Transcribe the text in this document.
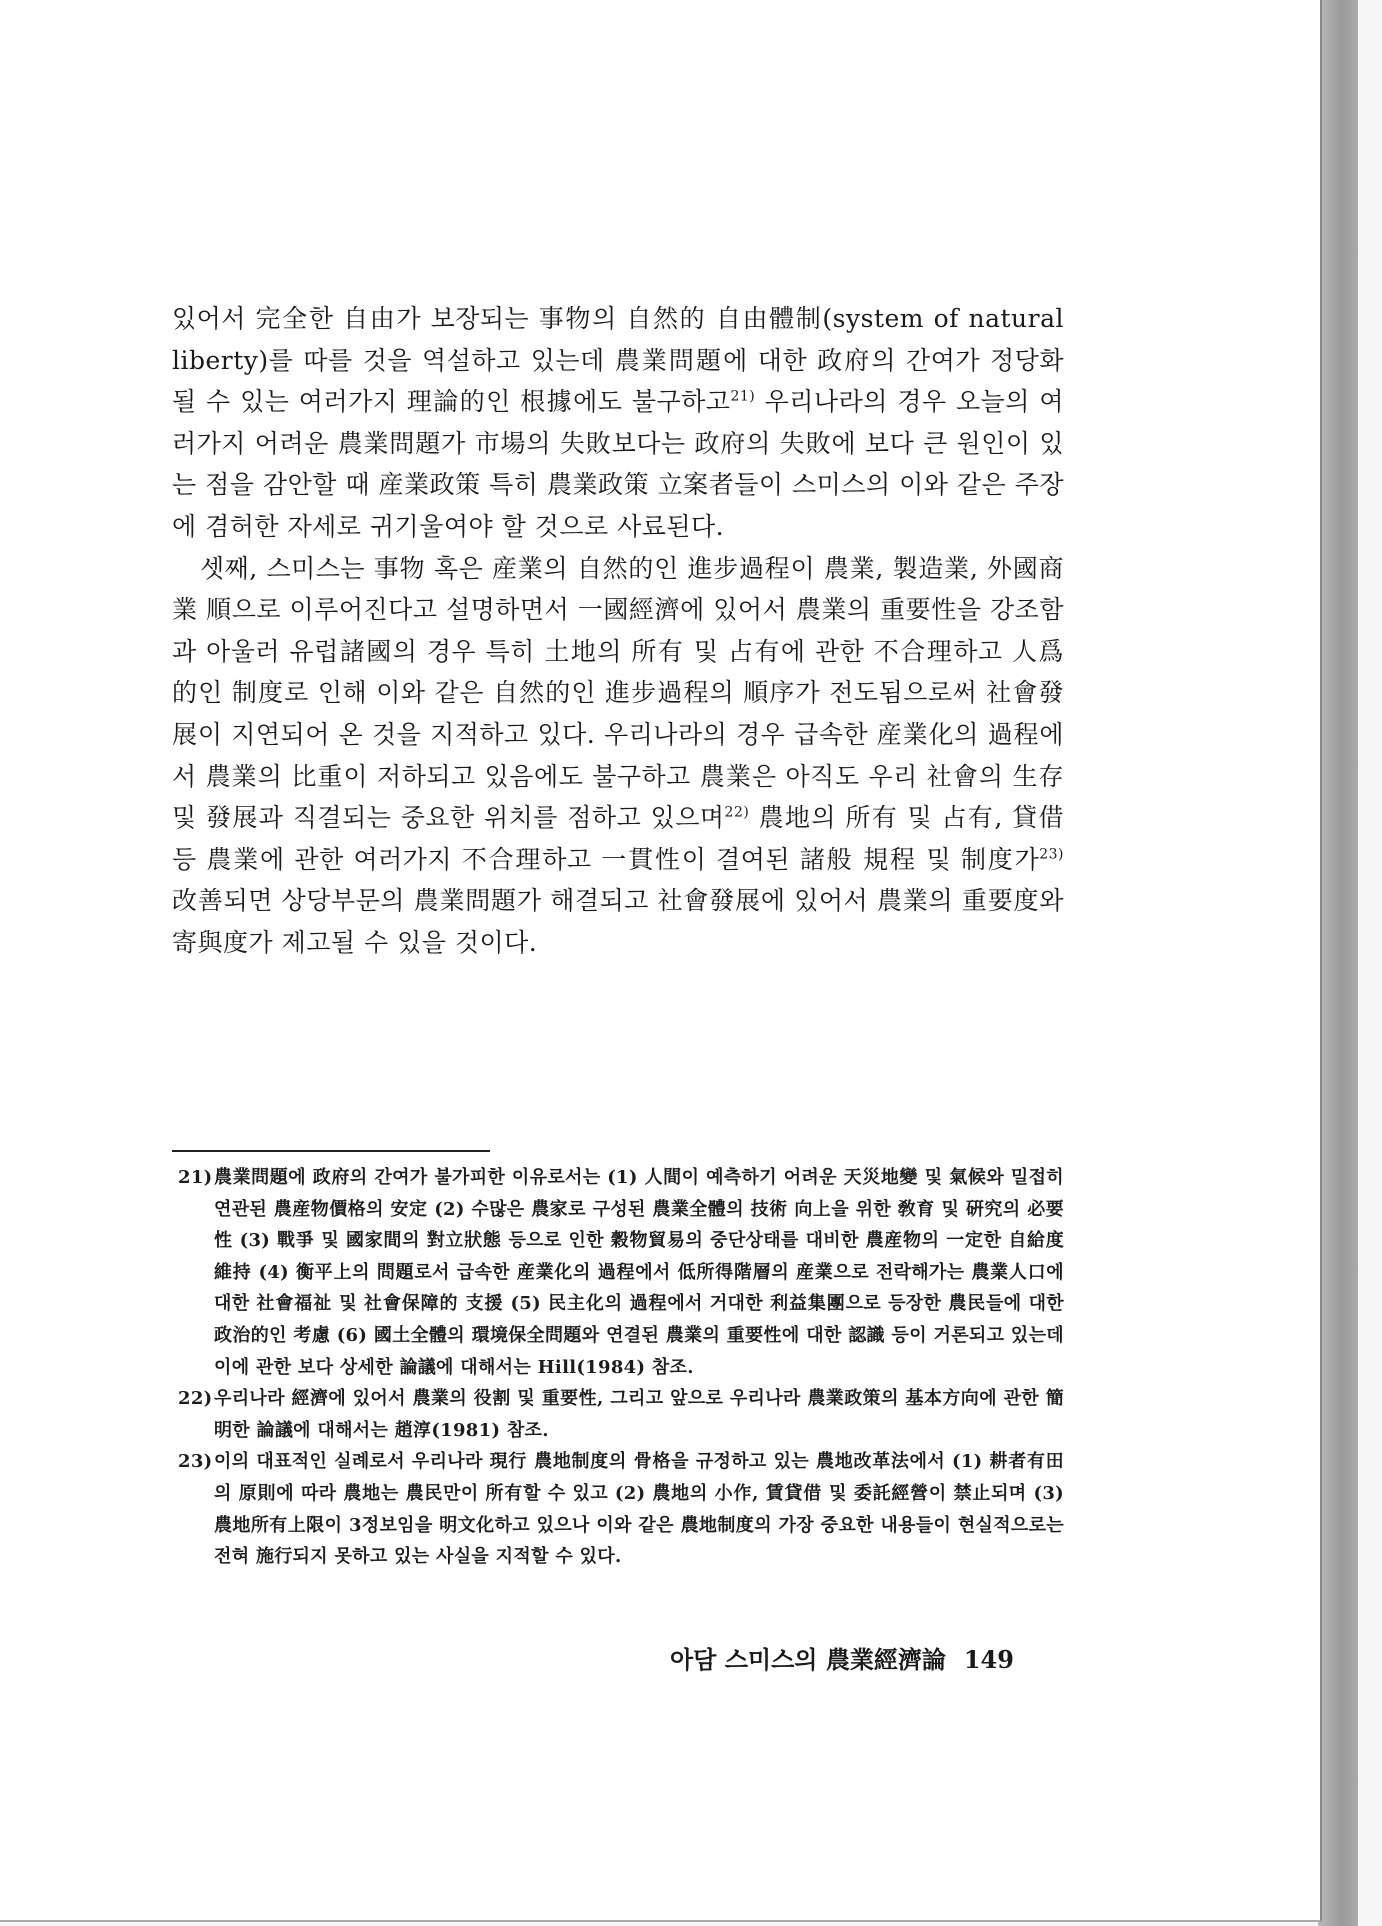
있어서 完全한 自由가 보장되는 事物의 自然的 自由體制(system of natural liberty)를 따를 것을 역설하고 있는데 農業問題에 대한 政府의 간여가 정당화될 수 있는 여러가지 理論的인 根據에도 불구하고$^{21)}$ 우리나라의 경우 오늘의 여러가지 어려운 農業問題가 市場의 失敗보다는 政府의 失敗에 보다 큰 원인이 있는 점을 감안할 때 産業政策 특히 農業政策 立案者들이 스미스의 이와 같은 주장에 겸허한 자세로 귀기울여야 할 것으로 사료된다.

셋째, 스미스는 事物 혹은 産業의 自然的인 進步過程이 農業, 製造業, 外國商業 順으로 이루어진다고 설명하면서 一國經濟에 있어서 農業의 重要性을 강조함과 아울러 유럽諸國의 경우 특히 土地의 所有 및 占有에 관한 不合理하고 人爲的인 制度로 인해 이와 같은 自然的인 進步過程의 順序가 전도됨으로써 社會發展이 지연되어 온 것을 지적하고 있다. 우리나라의 경우 급속한 産業化의 過程에서 農業의 比重이 저하되고 있음에도 불구하고 農業은 아직도 우리 社會의 生存 및 發展과 직결되는 중요한 위치를 점하고 있으며$^{22)}$ 農地의 所有 및 占有, 貸借 등 農業에 관한 여러가지 不合理하고 一貫性이 결여된 諸般 規程 및 制度가$^{23)}$ 改善되면 상당부문의 農業問題가 해결되고 社會發展에 있어서 農業의 重要度와 寄與度가 제고될 수 있을 것이다.

21) 農業問題에 政府의 간여가 불가피한 이유로서는 (1) 人間이 예측하기 어려운 天災地變 및 氣候와 밀접히 연관된 農産物價格의 安定 (2) 수많은 農家로 구성된 農業全體의 技術 向上을 위한 敎育 및 硏究의 必要性 (3) 戰爭 및 國家間의 對立狀態 등으로 인한 穀物貿易의 중단상태를 대비한 農産物의 一定한 自給度 維持 (4) 衡平上의 問題로서 급속한 産業化의 過程에서 低所得階層의 産業으로 전락해가는 農業人口에 대한 社會福祉 및 社會保障的 支援 (5) 民主化의 過程에서 거대한 利益集團으로 등장한 農民들에 대한 政治的인 考慮 (6) 國土全體의 環境保全問題와 연결된 農業의 重要性에 대한 認識 등이 거론되고 있는데 이에 관한 보다 상세한 論議에 대해서는 Hill(1984) 참조.
22) 우리나라 經濟에 있어서 農業의 役割 및 重要性, 그리고 앞으로 우리나라 農業政策의 基本方向에 관한 簡明한 論議에 대해서는 趙淳(1981) 참조.
23) 이의 대표적인 실례로서 우리나라 現行 農地制度의 骨格을 규정하고 있는 農地改革法에서 (1) 耕者有田의 原則에 따라 農地는 農民만이 所有할 수 있고 (2) 農地의 小作, 賃貸借 및 委託經營이 禁止되며 (3) 農地所有上限이 3정보임을 明文化하고 있으나 이와 같은 農地制度의 가장 중요한 내용들이 현실적으로는 전혀 施行되지 못하고 있는 사실을 지적할 수 있다.
아담 스미스의 農業經濟論 149
